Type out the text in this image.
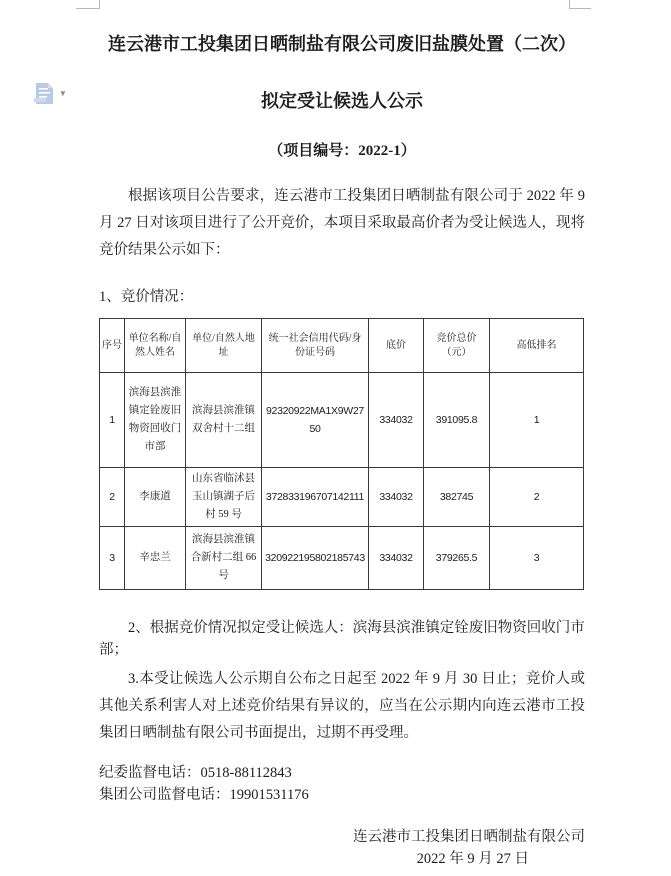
▼
连云港市工投集团日晒制盐有限公司废旧盐膜处置（二次）
拟定受让候选人公示
（项目编号：2022-1）
根据该项目公告要求，连云港市工投集团日晒制盐有限公司于 2022 年 9 月 27 日对该项目进行了公开竞价，本项目采取最高价者为受让候选人，现将竞价结果公示如下：
1、竞价情况：
序号	单位名称/自然人姓名	单位/自然人地址	统一社会信用代码/身份证号码	底价	竞价总价（元）	高低排名
1	滨海县滨淮镇定铨废旧物资回收门市部	滨海县滨淮镇双舍村十二组	92320922MA1X9W2750	334032	391095.8	1
2	李康道	山东省临沭县玉山镇湖子后村 59 号	372833196707142111	334032	382745	2
3	辛忠兰	滨海县滨淮镇合新村二组 66 号	320922195802185743	334032	379265.5	3
2、根据竞价情况拟定受让候选人：滨海县滨淮镇定铨废旧物资回收门市部；
3.本受让候选人公示期自公布之日起至 2022 年 9 月 30 日止；竞价人或其他关系利害人对上述竞价结果有异议的，应当在公示期内向连云港市工投集团日晒制盐有限公司书面提出，过期不再受理。
纪委监督电话：0518-88112843
集团公司监督电话：19901531176
连云港市工投集团日晒制盐有限公司
2022 年 9 月 27 日
